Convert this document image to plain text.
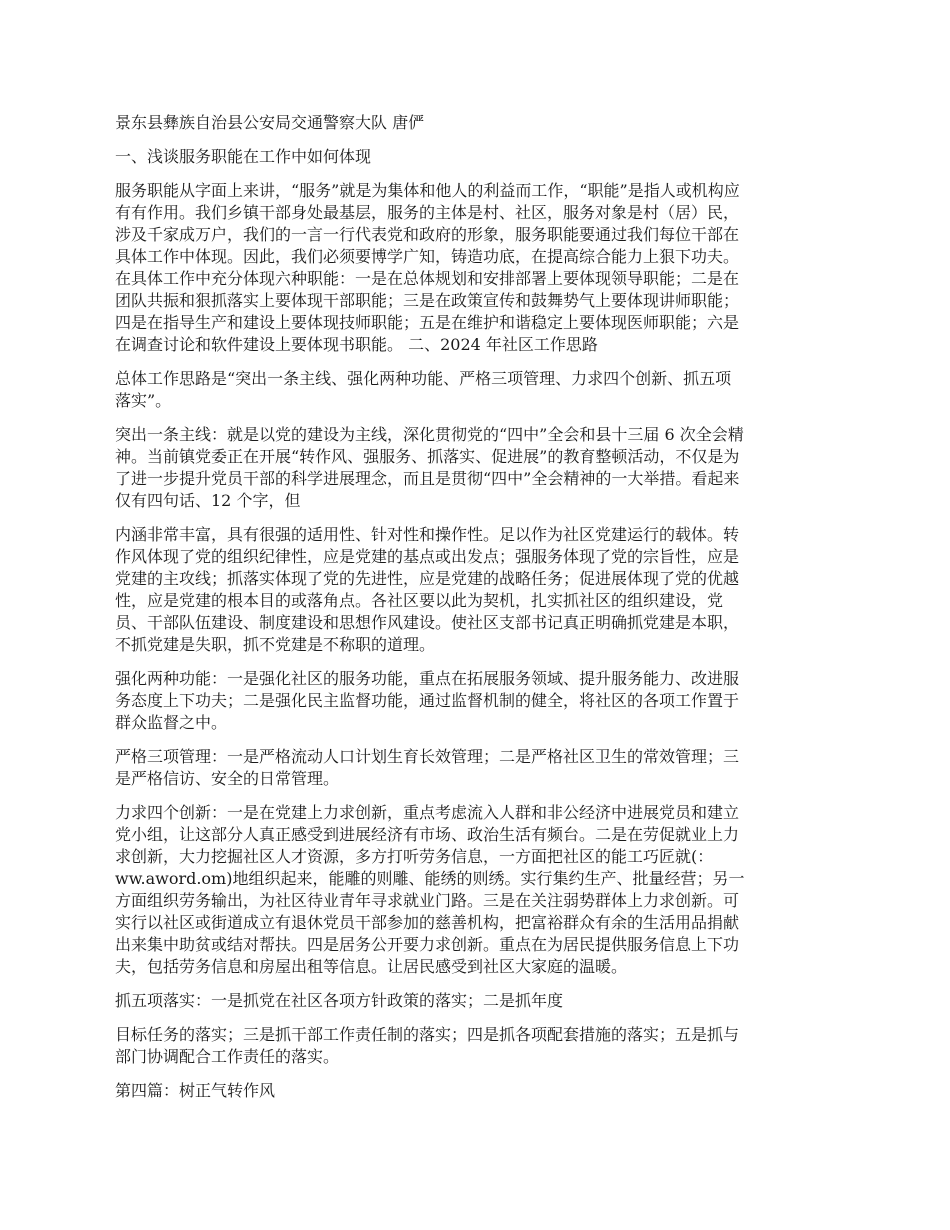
景东县彝族自治县公安局交通警察大队 唐俨

一、浅谈服务职能在工作中如何体现

服务职能从字面上来讲，“服务”就是为集体和他人的利益而工作，“职能”是指人或机构应
有有作用。我们乡镇干部身处最基层，服务的主体是村、社区，服务对象是村（居）民，
涉及千家成万户，我们的一言一行代表党和政府的形象，服务职能要通过我们每位干部在
具体工作中体现。因此，我们必须要博学广知，铸造功底，在提高综合能力上狠下功夫。
在具体工作中充分体现六种职能：一是在总体规划和安排部署上要体现领导职能；二是在
团队共振和狠抓落实上要体现干部职能；三是在政策宣传和鼓舞势气上要体现讲师职能；
四是在指导生产和建设上要体现技师职能；五是在维护和谐稳定上要体现医师职能；六是
在调查讨论和软件建设上要体现书职能。 二、2024 年社区工作思路

总体工作思路是“突出一条主线、强化两种功能、严格三项管理、力求四个创新、抓五项
落实”。

突出一条主线：就是以党的建设为主线，深化贯彻党的“四中”全会和县十三届 6 次全会精
神。当前镇党委正在开展“转作风、强服务、抓落实、促进展”的教育整顿活动，不仅是为
了进一步提升党员干部的科学进展理念，而且是贯彻“四中”全会精神的一大举措。看起来
仅有四句话、12 个字，但

内涵非常丰富，具有很强的适用性、针对性和操作性。足以作为社区党建运行的载体。转
作风体现了党的组织纪律性，应是党建的基点或出发点；强服务体现了党的宗旨性，应是
党建的主攻线；抓落实体现了党的先进性，应是党建的战略任务；促进展体现了党的优越
性，应是党建的根本目的或落角点。各社区要以此为契机，扎实抓社区的组织建设，党
员、干部队伍建设、制度建设和思想作风建设。使社区支部书记真正明确抓党建是本职，
不抓党建是失职，抓不党建是不称职的道理。

强化两种功能：一是强化社区的服务功能，重点在拓展服务领域、提升服务能力、改进服
务态度上下功夫；二是强化民主监督功能，通过监督机制的健全，将社区的各项工作置于
群众监督之中。

严格三项管理：一是严格流动人口计划生育长效管理；二是严格社区卫生的常效管理；三
是严格信访、安全的日常管理。

力求四个创新：一是在党建上力求创新，重点考虑流入人群和非公经济中进展党员和建立
党小组，让这部分人真正感受到进展经济有市场、政治生活有频台。二是在劳促就业上力
求创新，大力挖掘社区人才资源，多方打听劳务信息，一方面把社区的能工巧匠就(：
ww.aword.om)地组织起来，能雕的则雕、能绣的则绣。实行集约生产、批量经营；另一
方面组织劳务输出，为社区待业青年寻求就业门路。三是在关注弱势群体上力求创新。可
实行以社区或街道成立有退休党员干部参加的慈善机构，把富裕群众有余的生活用品捐献
出来集中助贫或结对帮扶。四是居务公开要力求创新。重点在为居民提供服务信息上下功
夫，包括劳务信息和房屋出租等信息。让居民感受到社区大家庭的温暖。

抓五项落实：一是抓党在社区各项方针政策的落实；二是抓年度

目标任务的落实；三是抓干部工作责任制的落实；四是抓各项配套措施的落实；五是抓与
部门协调配合工作责任的落实。

第四篇：树正气转作风
